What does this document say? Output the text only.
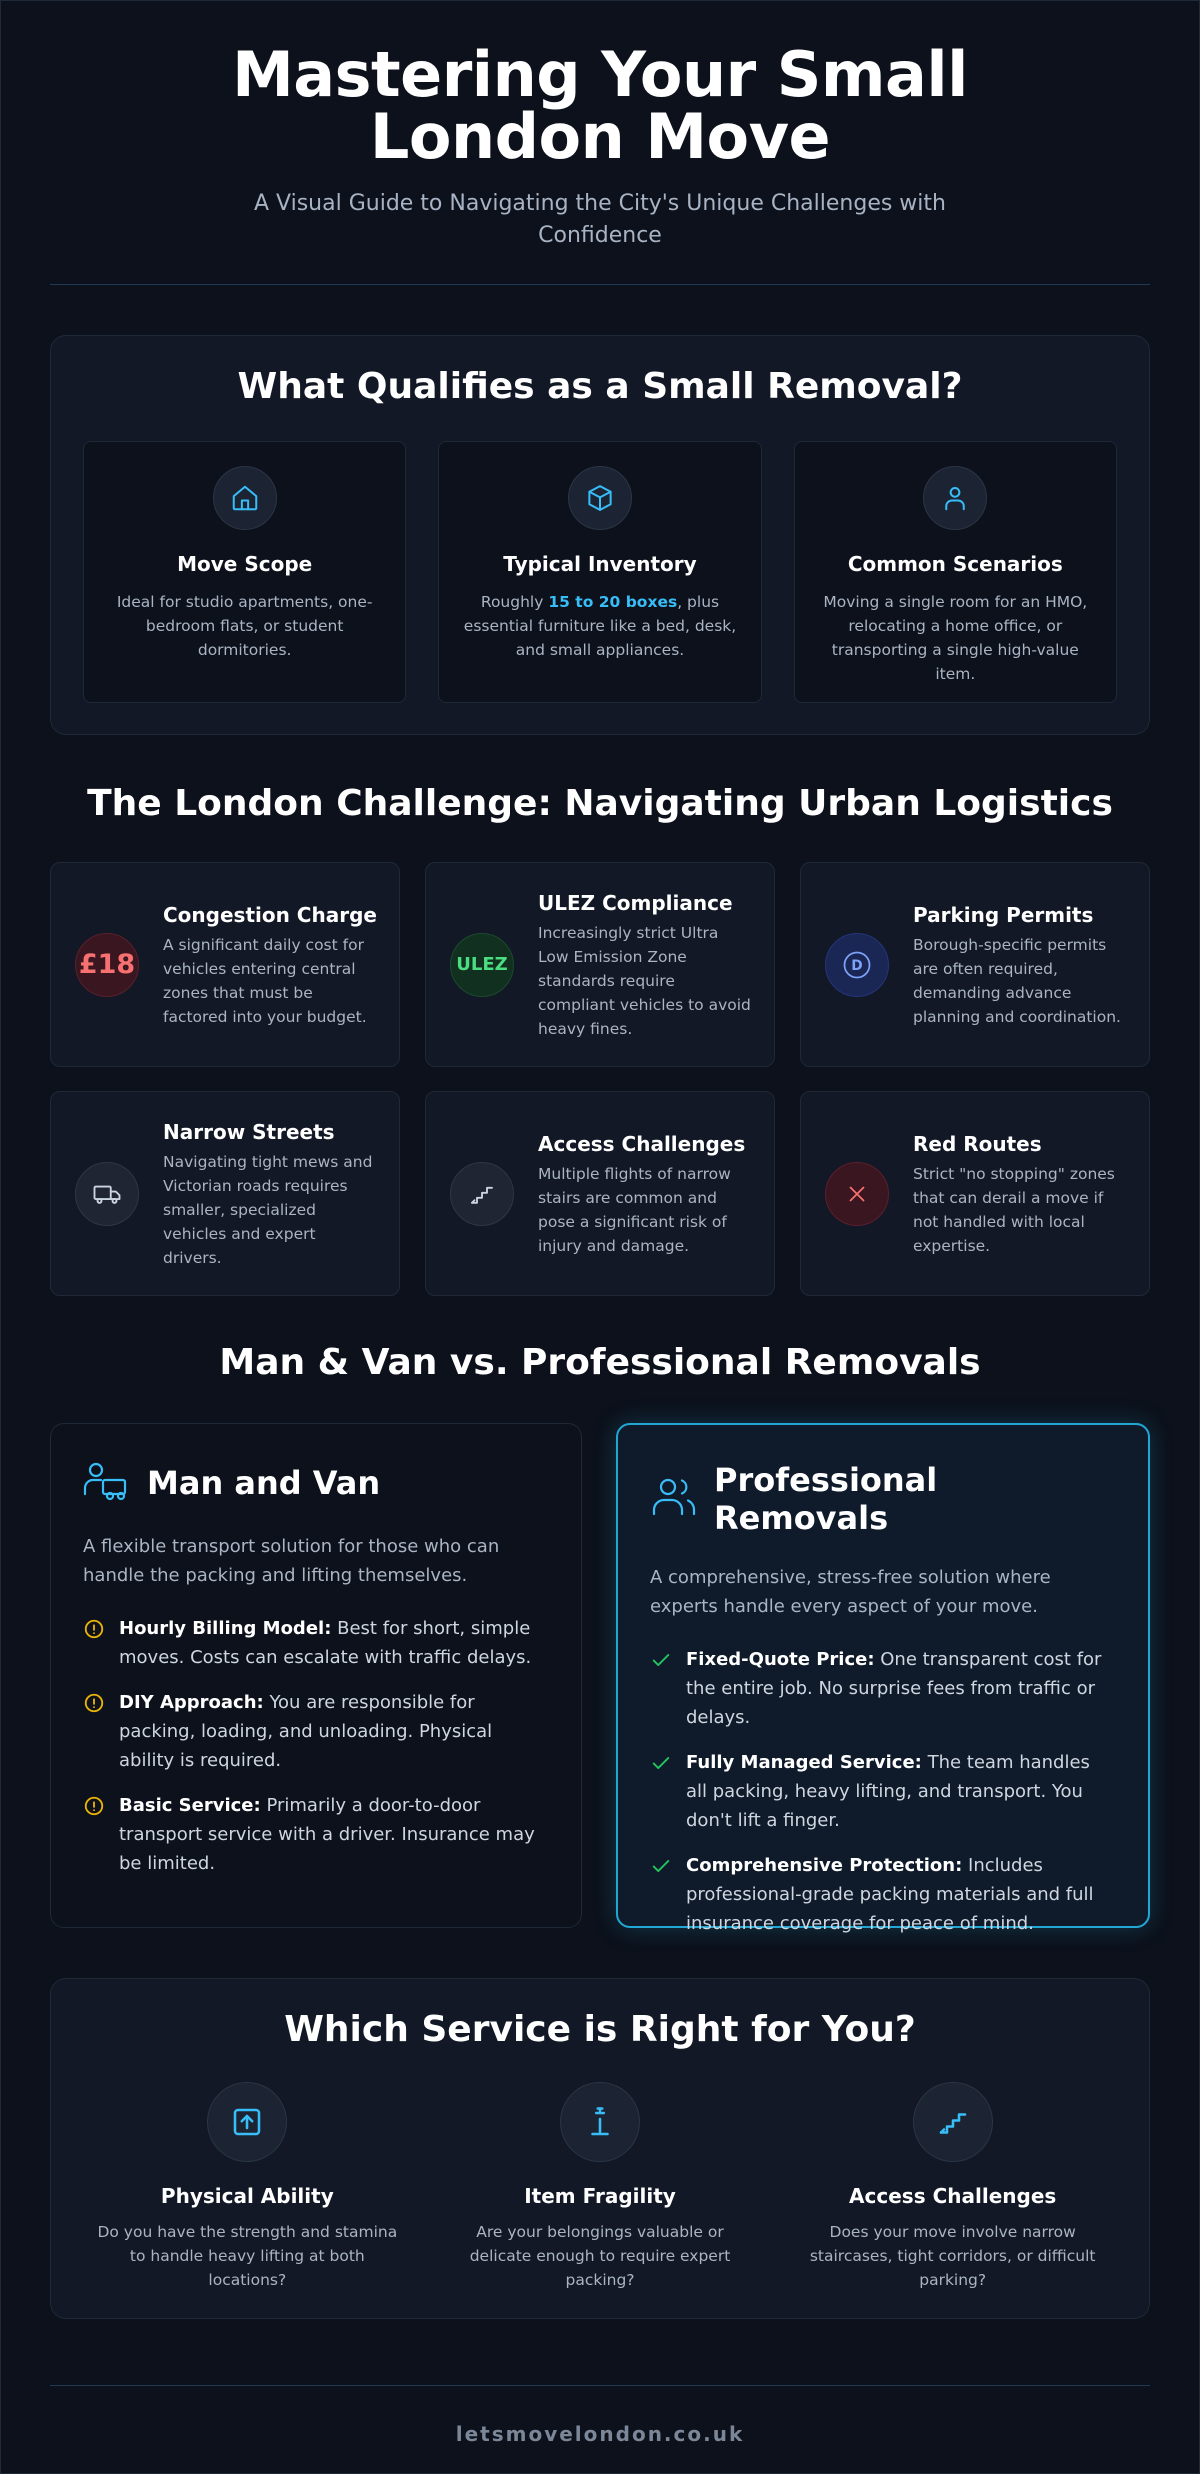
Mastering Your Small London Move

A Visual Guide to Navigating the City's Unique Challenges with Confidence

What Qualifies as a Small Removal?
Move Scope

Ideal for studio apartments, one-bedroom flats, or student dormitories.

Typical Inventory

Roughly 15 to 20 boxes, plus essential furniture like a bed, desk, and small appliances.

Common Scenarios

Moving a single room for an HMO, relocating a home office, or transporting a single high-value item.

The London Challenge: Navigating Urban Logistics
£18
Congestion Charge

A significant daily cost for vehicles entering central zones that must be factored into your budget.

ULEZ
ULEZ Compliance

Increasingly strict Ultra Low Emission Zone standards require compliant vehicles to avoid heavy fines.

D
Parking Permits

Borough-specific permits are often required, demanding advance planning and coordination.

Narrow Streets

Navigating tight mews and Victorian roads requires smaller, specialized vehicles and expert drivers.

Access Challenges

Multiple flights of narrow stairs are common and pose a significant risk of injury and damage.

Red Routes

Strict "no stopping" zones that can derail a move if not handled with local expertise.

Man & Van vs. Professional Removals
Man and Van

A flexible transport solution for those who can handle the packing and lifting themselves.

Hourly Billing Model: Best for short, simple moves. Costs can escalate with traffic delays.
DIY Approach: You are responsible for packing, loading, and unloading. Physical ability is required.
Basic Service: Primarily a door-to-door transport service with a driver. Insurance may be limited.
Professional Removals

A comprehensive, stress-free solution where experts handle every aspect of your move.

Fixed-Quote Price: One transparent cost for the entire job. No surprise fees from traffic or delays.
Fully Managed Service: The team handles all packing, heavy lifting, and transport. You don't lift a finger.
Comprehensive Protection: Includes professional-grade packing materials and full insurance coverage for peace of mind.
Which Service is Right for You?
Physical Ability

Do you have the strength and stamina to handle heavy lifting at both locations?

Item Fragility

Are your belongings valuable or delicate enough to require expert packing?

Access Challenges

Does your move involve narrow staircases, tight corridors, or difficult parking?

letsmovelondon.co.uk
